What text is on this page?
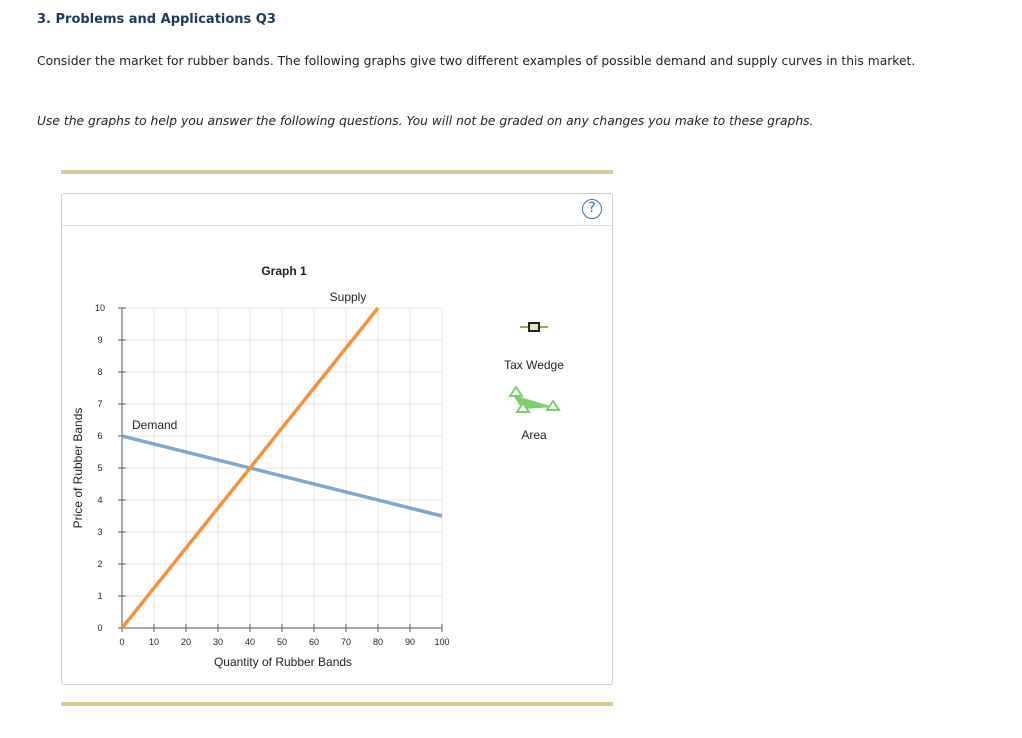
3. Problems and Applications Q3
Consider the market for rubber bands. The following graphs give two different examples of possible demand and supply curves in this market.
Use the graphs to help you answer the following questions. You will not be graded on any changes you make to these graphs.
?
0	10 20 30 40 50 60 70 80 90 100
0
1
2
3
4
5
6
7
8
9
10
Graph 1
Quantity of Rubber Bands
Price of Rubber Bands	Demand
Supply
Tax Wedge
Area
